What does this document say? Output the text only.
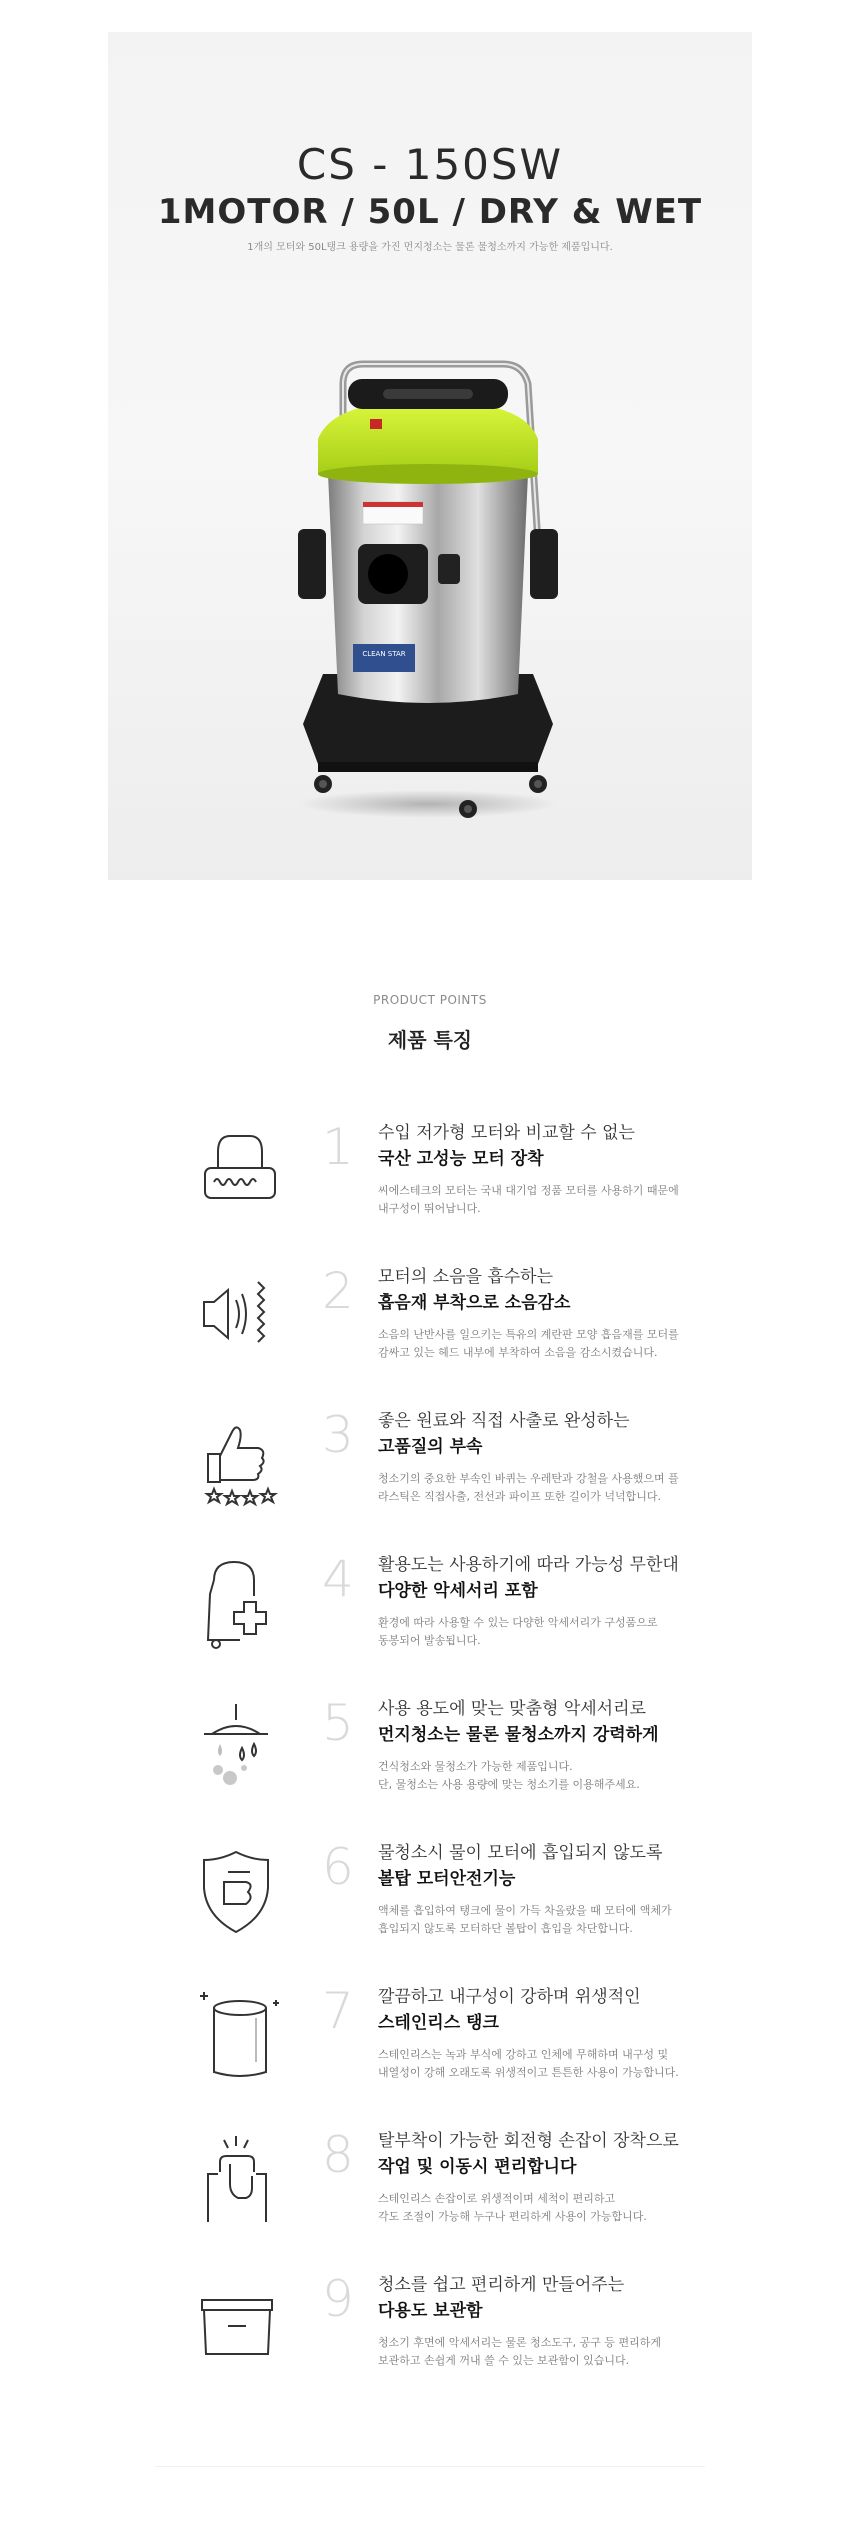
CS - 150SW
1MOTOR / 50L / DRY & WET
1개의 모터와 50L탱크 용량을 가진 먼지청소는 물론 물청소까지 가능한 제품입니다.
CLEAN STAR
PRODUCT POINTS
제품 특징
1 수입 저가형 모터와 비교할 수 없는
국산 고성능 모터 장착
씨에스테크의 모터는 국내 대기업 정품 모터를 사용하기 때문에
내구성이 뛰어납니다.
2 모터의 소음을 흡수하는
흡음재 부착으로 소음감소
소음의 난반사를 일으키는 특유의 계란판 모양 흡음재를 모터를
감싸고 있는 헤드 내부에 부착하여 소음을 감소시켰습니다.
3 좋은 원료와 직접 사출로 완성하는
고품질의 부속
청소기의 중요한 부속인 바퀴는 우레탄과 강철을 사용했으며 플
라스틱은 직접사출, 전선과 파이프 또한 길이가 넉넉합니다.
4 활용도는 사용하기에 따라 가능성 무한대
다양한 악세서리 포함
환경에 따라 사용할 수 있는 다양한 악세서리가 구성품으로
동봉되어 발송됩니다.
5 사용 용도에 맞는 맞춤형 악세서리로
먼지청소는 물론 물청소까지 강력하게
건식청소와 물청소가 가능한 제품입니다.
단, 물청소는 사용 용량에 맞는 청소기를 이용해주세요.
6 물청소시 물이 모터에 흡입되지 않도록
볼탑 모터안전기능
액체를 흡입하여 탱크에 물이 가득 차올랐을 때 모터에 액체가
흡입되지 않도록 모터하단 볼탑이 흡입을 차단합니다.
7 깔끔하고 내구성이 강하며 위생적인
스테인리스 탱크
스테인리스는 녹과 부식에 강하고 인체에 무해하며 내구성 및
내열성이 강해 오래도록 위생적이고 튼튼한 사용이 가능합니다.
8 탈부착이 가능한 회전형 손잡이 장착으로
작업 및 이동시 편리합니다
스테인리스 손잡이로 위생적이며 세척이 편리하고
각도 조절이 가능해 누구나 편리하게 사용이 가능합니다.
9 청소를 쉽고 편리하게 만들어주는
다용도 보관함
청소기 후면에 악세서리는 물론 청소도구, 공구 등 편리하게
보관하고 손쉽게 꺼내 쓸 수 있는 보관함이 있습니다.
